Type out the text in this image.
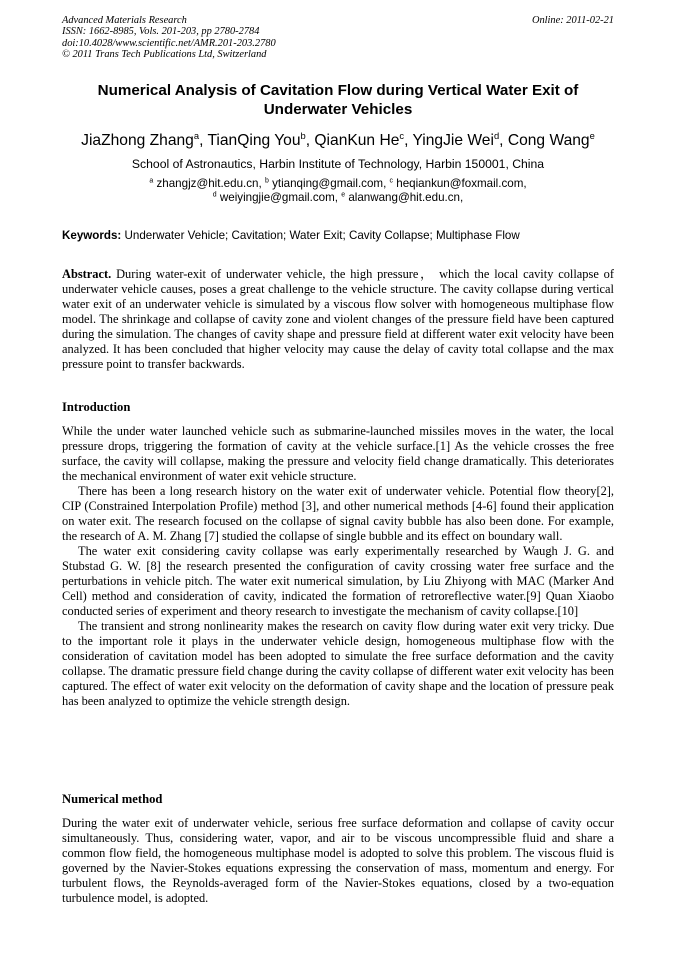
Advanced Materials Research
ISSN: 1662-8985, Vols. 201-203, pp 2780-2784
doi:10.4028/www.scientific.net/AMR.201-203.2780
© 2011 Trans Tech Publications Ltd, Switzerland
Online: 2011-02-21
Numerical Analysis of Cavitation Flow during Vertical Water Exit of Underwater Vehicles
JiaZhong Zhang$^a$, TianQing You$^b$, QianKun He$^c$, YingJie Wei$^d$, Cong Wang$^e$
School of Astronautics, Harbin Institute of Technology, Harbin 150001, China
$^a$ zhangjz@hit.edu.cn, $^b$ ytianqing@gmail.com, $^c$ heqiankun@foxmail.com,
$^d$ weiyingjie@gmail.com, $^e$ alanwang@hit.edu.cn,
Keywords: Underwater Vehicle; Cavitation; Water Exit; Cavity Collapse; Multiphase Flow
Abstract. During water-exit of underwater vehicle, the high pressure， which the local cavity collapse of underwater vehicle causes, poses a great challenge to the vehicle structure. The cavity collapse during vertical water exit of an underwater vehicle is simulated by a viscous flow solver with homogeneous multiphase flow model. The shrinkage and collapse of cavity zone and violent changes of the pressure field have been captured during the simulation. The changes of cavity shape and pressure field at different water exit velocity have been analyzed. It has been concluded that higher velocity may cause the delay of cavity total collapse and the max pressure point to transfer backwards.
Introduction

While the under water launched vehicle such as submarine-launched missiles moves in the water, the local pressure drops, triggering the formation of cavity at the vehicle surface.[1] As the vehicle crosses the free surface, the cavity will collapse, making the pressure and velocity field change dramatically. This deteriorates the mechanical environment of water exit vehicle structure.

There has been a long research history on the water exit of underwater vehicle. Potential flow theory[2], CIP (Constrained Interpolation Profile) method [3], and other numerical methods [4-6] found their application on water exit. The research focused on the collapse of signal cavity bubble has also been done. For example, the research of A. M. Zhang [7] studied the collapse of single bubble and its effect on boundary wall.

The water exit considering cavity collapse was early experimentally researched by Waugh J. G. and Stubstad G. W. [8] the research presented the configuration of cavity crossing water free surface and the perturbations in vehicle pitch. The water exit numerical simulation, by Liu Zhiyong with MAC (Marker And Cell) method and consideration of cavity, indicated the formation of retroreflective water.[9] Quan Xiaobo conducted series of experiment and theory research to investigate the mechanism of cavity collapse.[10]

The transient and strong nonlinearity makes the research on cavity flow during water exit very tricky. Due to the important role it plays in the underwater vehicle design, homogeneous multiphase flow with the consideration of cavitation model has been adopted to simulate the free surface deformation and the cavity collapse. The dramatic pressure field change during the cavity collapse of different water exit velocity has been captured. The effect of water exit velocity on the deformation of cavity shape and the location of pressure peak has been analyzed to optimize the vehicle strength design.

Numerical method

During the water exit of underwater vehicle, serious free surface deformation and collapse of cavity occur simultaneously. Thus, considering water, vapor, and air to be viscous uncompressible fluid and share a common flow field, the homogeneous multiphase model is adopted to solve this problem. The viscous fluid is governed by the Navier-Stokes equations expressing the conservation of mass, momentum and energy. For turbulent flows, the Reynolds-averaged form of the Navier-Stokes equations, closed by a two-equation turbulence model, is adopted.
